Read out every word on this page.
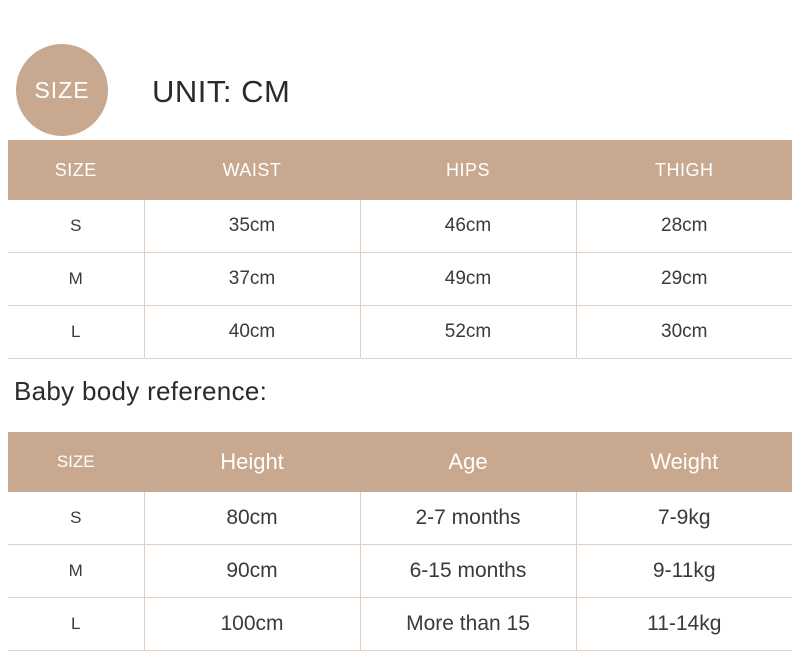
SIZE UNIT: CM
SIZE	WAIST	HIPS	THIGH
S	35cm	46cm	28cm
M	37cm	49cm	29cm
L	40cm	52cm	30cm
Baby body reference:
SIZE	Height	Age	Weight
S	80cm	2-7 months	7-9kg
M	90cm	6-15 months	9-11kg
L	100cm	More than 15	11-14kg
